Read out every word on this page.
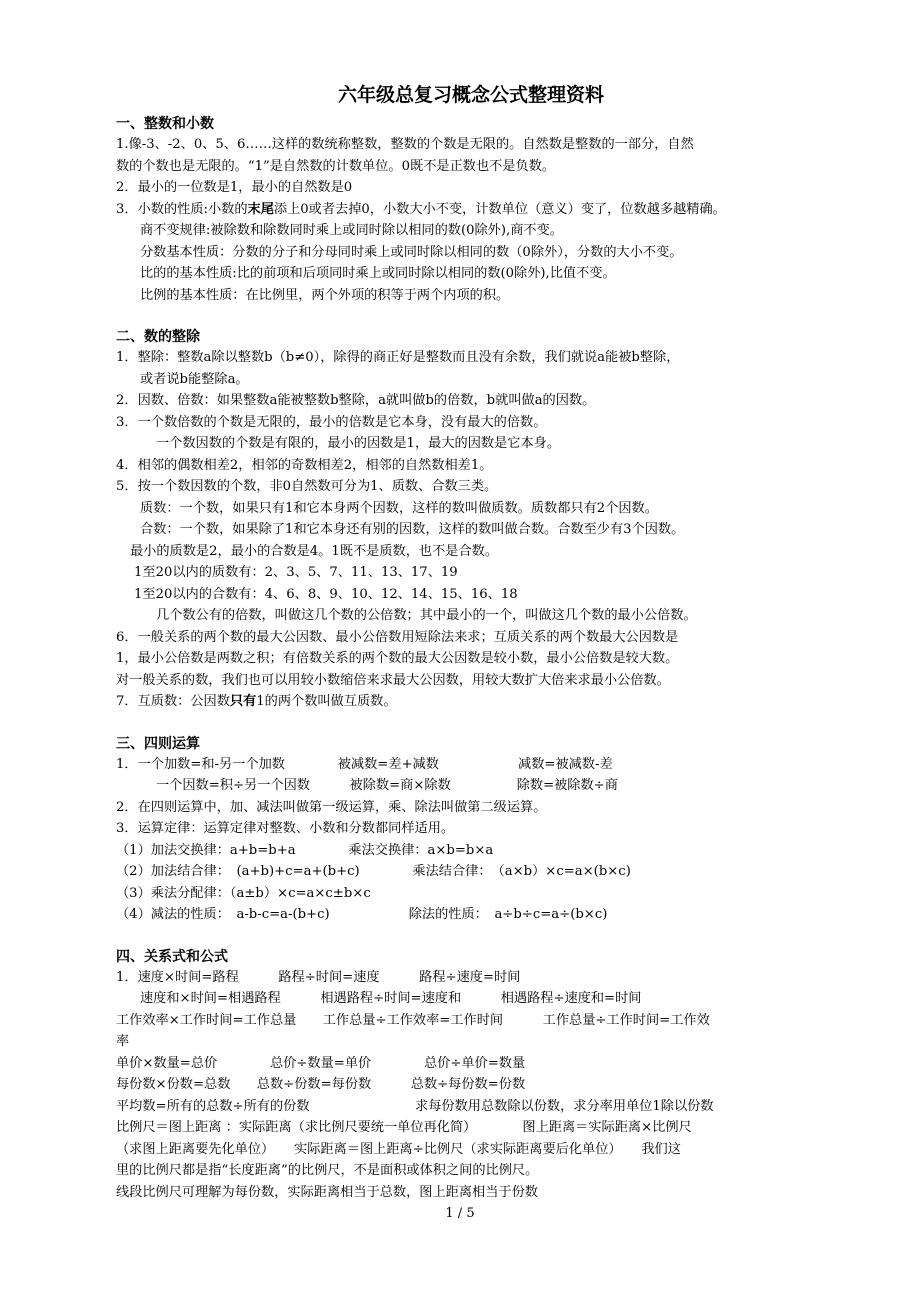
六年级总复习概念公式整理资料
一、整数和小数
1.像-3、-2、0、5、6……这样的数统称整数，整数的个数是无限的。自然数是整数的一部分，自然
数的个数也是无限的。“1”是自然数的计数单位。0既不是正数也不是负数。
2．最小的一位数是1，最小的自然数是0
3．小数的性质:小数的末尾添上0或者去掉0，小数大小不变，计数单位（意义）变了，位数越多越精确。
商不变规律:被除数和除数同时乘上或同时除以相同的数(0除外),商不变。
分数基本性质：分数的分子和分母同时乘上或同时除以相同的数（0除外），分数的大小不变。
比的的基本性质:比的前项和后项同时乘上或同时除以相同的数(0除外),比值不变。
比例的基本性质：在比例里，两个外项的积等于两个内项的积。
二、数的整除
1．整除：整数a除以整数b（b≠0），除得的商正好是整数而且没有余数，我们就说a能被b整除，
或者说b能整除a。
2．因数、倍数：如果整数a能被整数b整除，a就叫做b的倍数，b就叫做a的因数。
3．一个数倍数的个数是无限的，最小的倍数是它本身，没有最大的倍数。
一个数因数的个数是有限的，最小的因数是1，最大的因数是它本身。
4．相邻的偶数相差2，相邻的奇数相差2，相邻的自然数相差1。
5．按一个数因数的个数，非0自然数可分为1、质数、合数三类。
质数：一个数，如果只有1和它本身两个因数，这样的数叫做质数。质数都只有2个因数。
合数：一个数，如果除了1和它本身还有别的因数，这样的数叫做合数。合数至少有3个因数。
最小的质数是2，最小的合数是4。1既不是质数，也不是合数。
1至20以内的质数有：2、3、5、7、11、13、17、19
1至20以内的合数有：4、6、8、9、10、12、14、15、16、18
几个数公有的倍数，叫做这几个数的公倍数；其中最小的一个，叫做这几个数的最小公倍数。
6．一般关系的两个数的最大公因数、最小公倍数用短除法来求；互质关系的两个数最大公因数是
1，最小公倍数是两数之积；有倍数关系的两个数的最大公因数是较小数，最小公倍数是较大数。
对一般关系的数，我们也可以用较小数缩倍来求最大公因数，用较大数扩大倍来求最小公倍数。
7．互质数：公因数只有1的两个数叫做互质数。
三、四则运算
1．一个加数=和-另一个加数　　　　被减数=差+减数　　　　　　减数=被减数-差
一个因数=积÷另一个因数　　　被除数=商×除数　　　　　除数=被除数÷商
2．在四则运算中，加、减法叫做第一级运算，乘、除法叫做第二级运算。
3．运算定律：运算定律对整数、小数和分数都同样适用。
（1）加法交换律：a+b=b+a　　　　乘法交换律：a×b=b×a
（2）加法结合律：　(a+b)+c=a+(b+c)　　　　乘法结合律：　（a×b）×c=a×(b×c)
（3）乘法分配律：（a±b）×c=a×c±b×c
（4）减法的性质：　a-b-c=a-(b+c)　　　　　　除法的性质：　a÷b÷c=a÷(b×c)
四、关系式和公式
1．速度×时间=路程　　　路程÷时间=速度　　　路程÷速度=时间
速度和×时间=相遇路程　　　相遇路程÷时间=速度和　　　相遇路程÷速度和=时间
工作效率×工作时间=工作总量　　工作总量÷工作效率=工作时间　　　工作总量÷工作时间=工作效
率
单价×数量=总价　　　　总价÷数量=单价　　　　总价÷单价=数量
每份数×份数=总数　　总数÷份数=每份数　　　总数÷每份数=份数
平均数=所有的总数÷所有的份数　　　　　　　　求每份数用总数除以份数，求分率用单位1除以份数
比例尺＝图上距离 ：实际距离（求比例尺要统一单位再化简）　　　　图上距离＝实际距离×比例尺
（求图上距离要先化单位）　　实际距离＝图上距离÷比例尺（求实际距离要后化单位）　　我们这
里的比例尺都是指“长度距离”的比例尺，不是面积或体积之间的比例尺。
线段比例尺可理解为每份数，实际距离相当于总数，图上距离相当于份数
1 / 5
